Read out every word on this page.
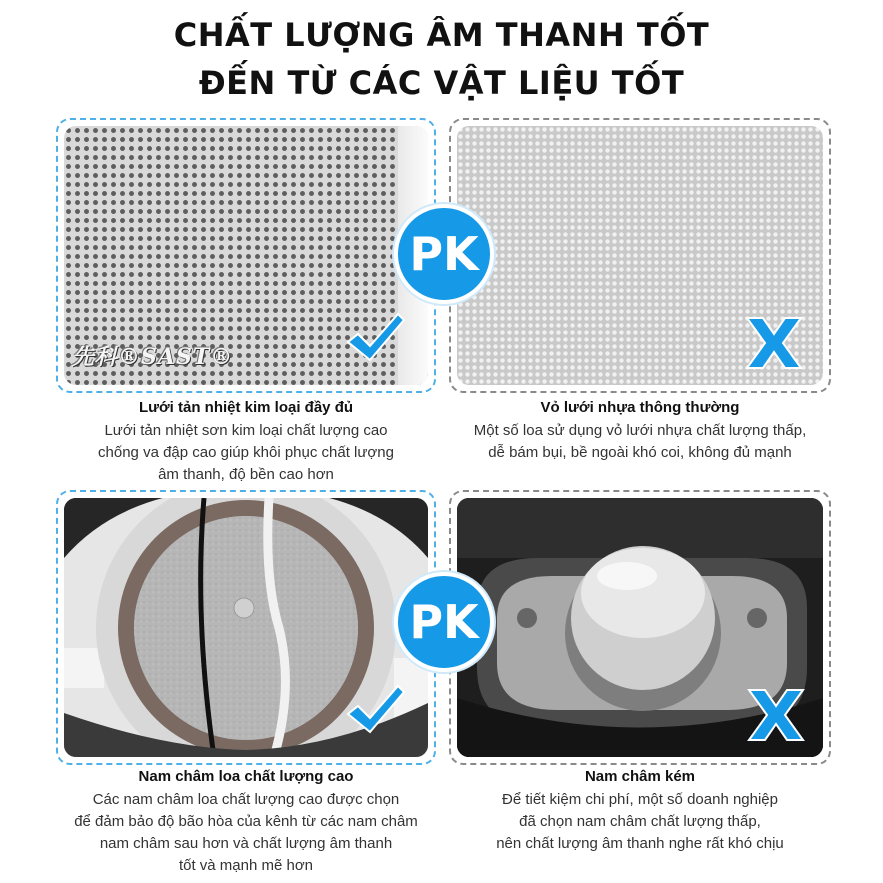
CHẤT LƯỢNG ÂM THANH TỐT
ĐẾN TỪ CÁC VẬT LIỆU TỐT
先科®SAST®
PK
Lưới tản nhiệt kim loại đầy đủ
Lưới tản nhiệt sơn kim loại chất lượng cao
chống va đập cao giúp khôi phục chất lượng
âm thanh, độ bền cao hơn
Vỏ lưới nhựa thông thường
Một số loa sử dụng vỏ lưới nhựa chất lượng thấp,
dễ bám bụi, bề ngoài khó coi, không đủ mạnh
PK
Nam châm loa chất lượng cao
Các nam châm loa chất lượng cao được chọn
để đảm bảo độ bão hòa của kênh từ các nam châm
nam châm sau hơn và chất lượng âm thanh
tốt và mạnh mẽ hơn
Nam châm kém
Để tiết kiệm chi phí, một số doanh nghiệp
đã chọn nam châm chất lượng thấp,
nên chất lượng âm thanh nghe rất khó chịu
